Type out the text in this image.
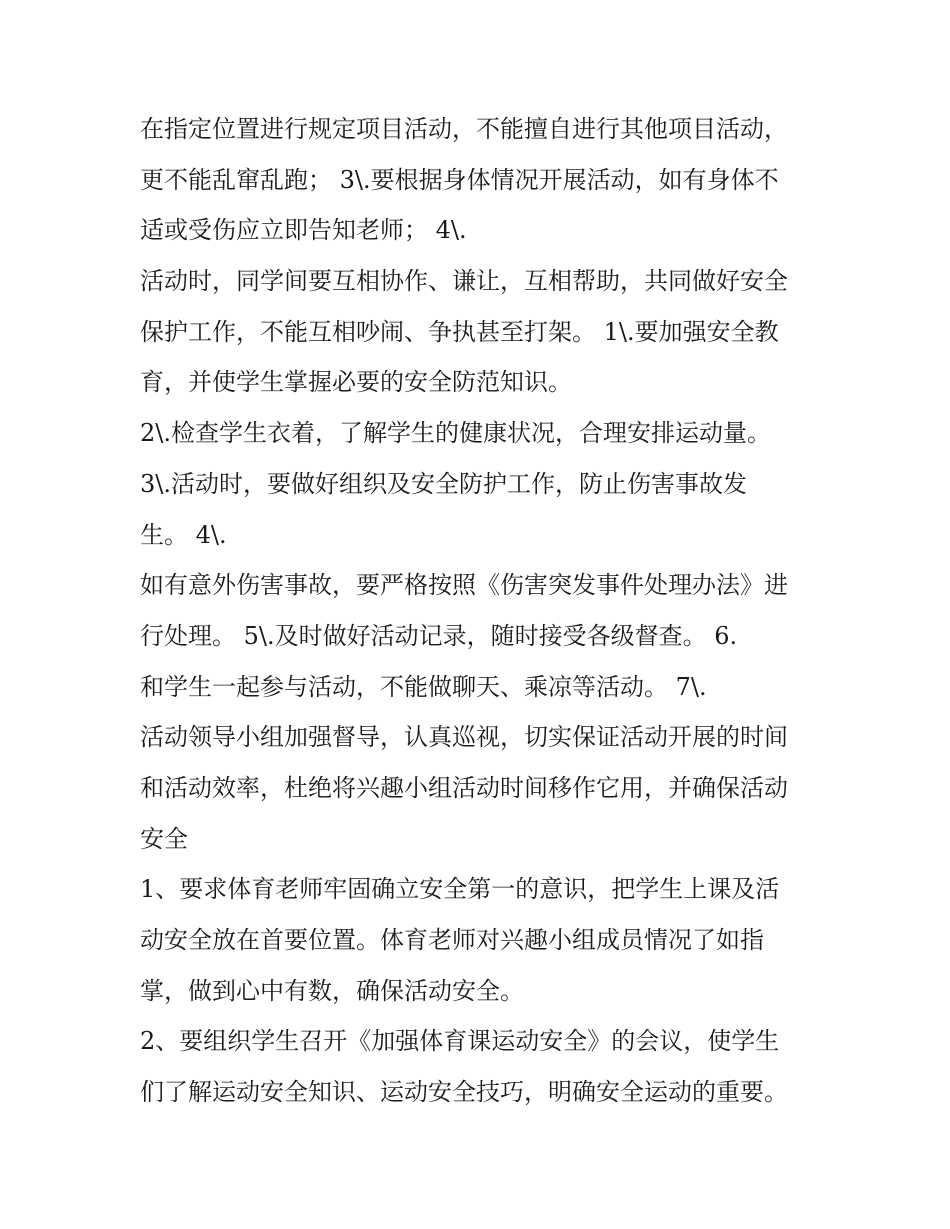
在指定位置进行规定项目活动，不能擅自进行其他项目活动，

更不能乱窜乱跑； 3\.要根据身体情况开展活动，如有身体不

适或受伤应立即告知老师； 4\.

活动时，同学间要互相协作、谦让，互相帮助，共同做好安全

保护工作，不能互相吵闹、争执甚至打架。 1\.要加强安全教

育，并使学生掌握必要的安全防范知识。

2\.检查学生衣着，了解学生的健康状况，合理安排运动量。

3\.活动时，要做好组织及安全防护工作，防止伤害事故发

生。 4\.

如有意外伤害事故，要严格按照《伤害突发事件处理办法》进

行处理。 5\.及时做好活动记录，随时接受各级督查。 6.

和学生一起参与活动，不能做聊天、乘凉等活动。 7\.

活动领导小组加强督导，认真巡视，切实保证活动开展的时间

和活动效率，杜绝将兴趣小组活动时间移作它用，并确保活动

安全

1、要求体育老师牢固确立安全第一的意识，把学生上课及活

动安全放在首要位置。体育老师对兴趣小组成员情况了如指

掌，做到心中有数，确保活动安全。

2、要组织学生召开《加强体育课运动安全》的会议，使学生

们了解运动安全知识、运动安全技巧，明确安全运动的重要。
